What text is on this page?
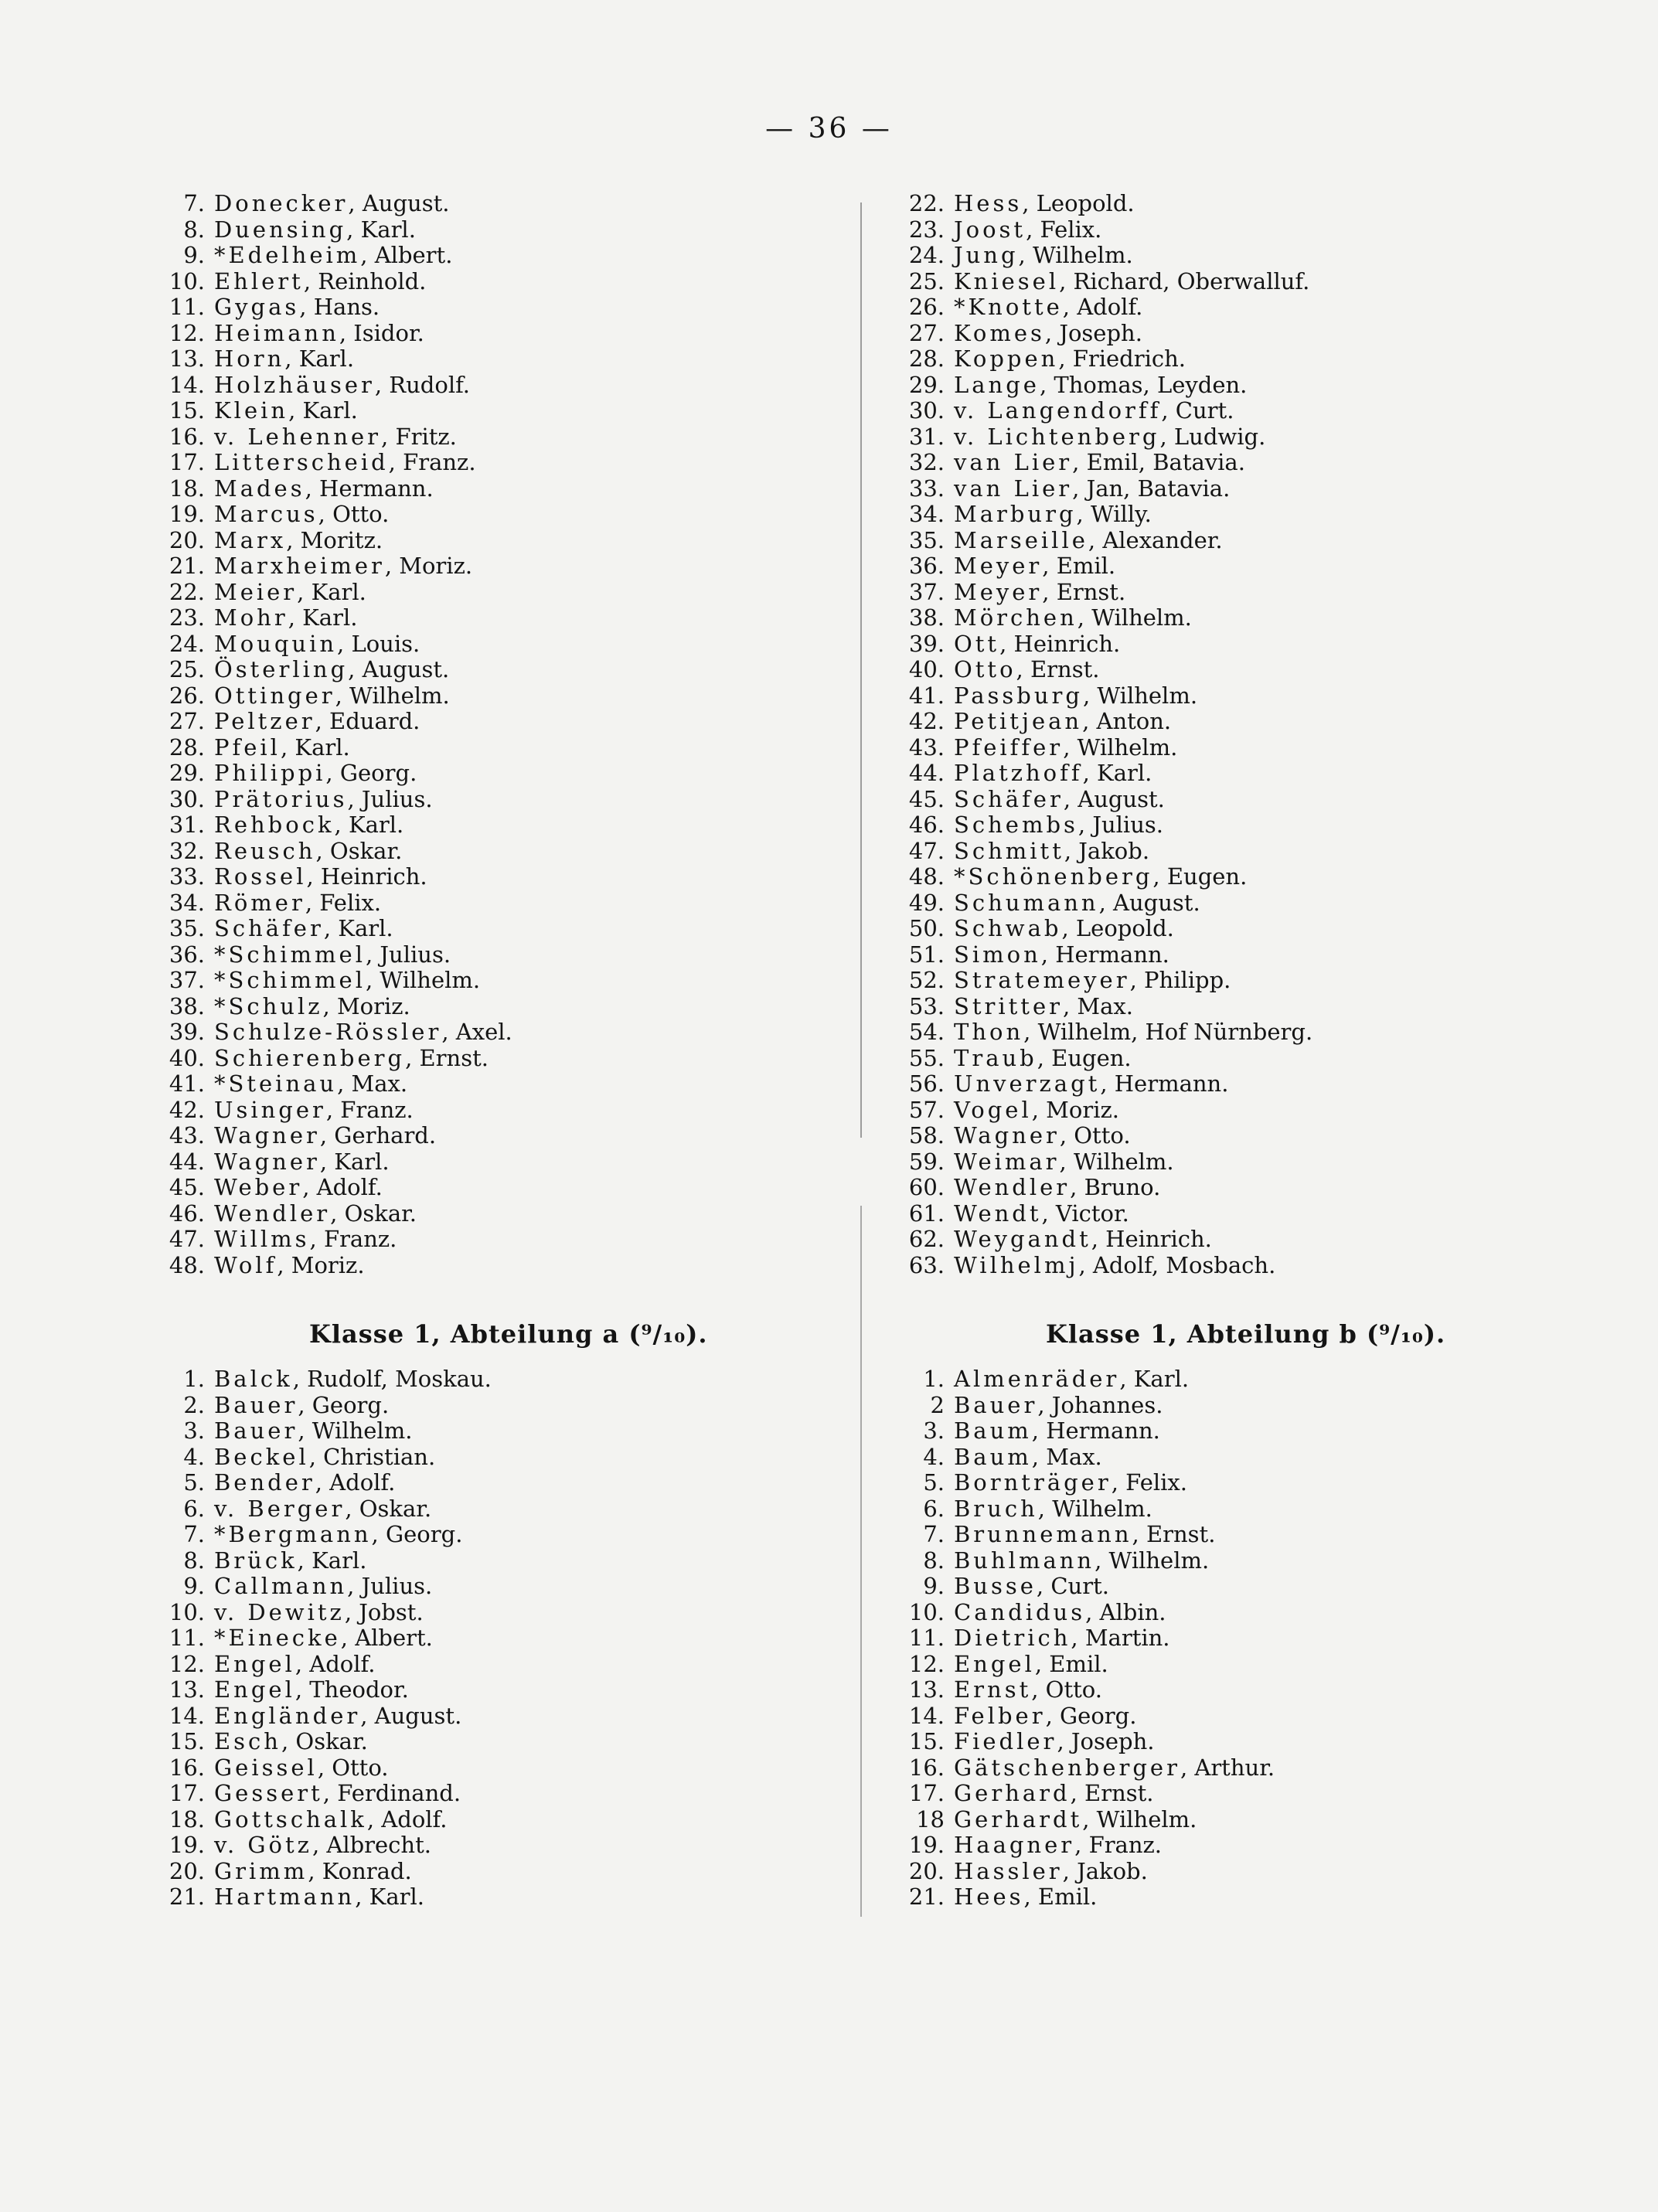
— 36 —
7. Donecker, August.
8. Duensing, Karl.
9. *Edelheim, Albert.
10. Ehlert, Reinhold.
11. Gygas, Hans.
12. Heimann, Isidor.
13. Horn, Karl.
14. Holzhäuser, Rudolf.
15. Klein, Karl.
16. v. Lehenner, Fritz.
17. Litterscheid, Franz.
18. Mades, Hermann.
19. Marcus, Otto.
20. Marx, Moritz.
21. Marxheimer, Moriz.
22. Meier, Karl.
23. Mohr, Karl.
24. Mouquin, Louis.
25. Österling, August.
26. Ottinger, Wilhelm.
27. Peltzer, Eduard.
28. Pfeil, Karl.
29. Philippi, Georg.
30. Prätorius, Julius.
31. Rehbock, Karl.
32. Reusch, Oskar.
33. Rossel, Heinrich.
34. Römer, Felix.
35. Schäfer, Karl.
36. *Schimmel, Julius.
37. *Schimmel, Wilhelm.
38. *Schulz, Moriz.
39. Schulze-Rössler, Axel.
40. Schierenberg, Ernst.
41. *Steinau, Max.
42. Usinger, Franz.
43. Wagner, Gerhard.
44. Wagner, Karl.
45. Weber, Adolf.
46. Wendler, Oskar.
47. Willms, Franz.
48. Wolf, Moriz.
22. Hess, Leopold.
23. Joost, Felix.
24. Jung, Wilhelm.
25. Kniesel, Richard, Oberwalluf.
26. *Knotte, Adolf.
27. Komes, Joseph.
28. Koppen, Friedrich.
29. Lange, Thomas, Leyden.
30. v. Langendorff, Curt.
31. v. Lichtenberg, Ludwig.
32. van Lier, Emil, Batavia.
33. van Lier, Jan, Batavia.
34. Marburg, Willy.
35. Marseille, Alexander.
36. Meyer, Emil.
37. Meyer, Ernst.
38. Mörchen, Wilhelm.
39. Ott, Heinrich.
40. Otto, Ernst.
41. Passburg, Wilhelm.
42. Petitjean, Anton.
43. Pfeiffer, Wilhelm.
44. Platzhoff, Karl.
45. Schäfer, August.
46. Schembs, Julius.
47. Schmitt, Jakob.
48. *Schönenberg, Eugen.
49. Schumann, August.
50. Schwab, Leopold.
51. Simon, Hermann.
52. Stratemeyer, Philipp.
53. Stritter, Max.
54. Thon, Wilhelm, Hof Nürnberg.
55. Traub, Eugen.
56. Unverzagt, Hermann.
57. Vogel, Moriz.
58. Wagner, Otto.
59. Weimar, Wilhelm.
60. Wendler, Bruno.
61. Wendt, Victor.
62. Weygandt, Heinrich.
63. Wilhelmj, Adolf, Mosbach.
Klasse 1, Abteilung a (⁹/₁₀).	Klasse 1, Abteilung b (⁹/₁₀).
1. Balck, Rudolf, Moskau.
2. Bauer, Georg.
3. Bauer, Wilhelm.
4. Beckel, Christian.
5. Bender, Adolf.
6. v. Berger, Oskar.
7. *Bergmann, Georg.
8. Brück, Karl.
9. Callmann, Julius.
10. v. Dewitz, Jobst.
11. *Einecke, Albert.
12. Engel, Adolf.
13. Engel, Theodor.
14. Engländer, August.
15. Esch, Oskar.
16. Geissel, Otto.
17. Gessert, Ferdinand.
18. Gottschalk, Adolf.
19. v. Götz, Albrecht.
20. Grimm, Konrad.
21. Hartmann, Karl.
1. Almenräder, Karl.
2 Bauer, Johannes.
3. Baum, Hermann.
4. Baum, Max.
5. Bornträger, Felix.
6. Bruch, Wilhelm.
7. Brunnemann, Ernst.
8. Buhlmann, Wilhelm.
9. Busse, Curt.
10. Candidus, Albin.
11. Dietrich, Martin.
12. Engel, Emil.
13. Ernst, Otto.
14. Felber, Georg.
15. Fiedler, Joseph.
16. Gätschenberger, Arthur.
17. Gerhard, Ernst.
18 Gerhardt, Wilhelm.
19. Haagner, Franz.
20. Hassler, Jakob.
21. Hees, Emil.
